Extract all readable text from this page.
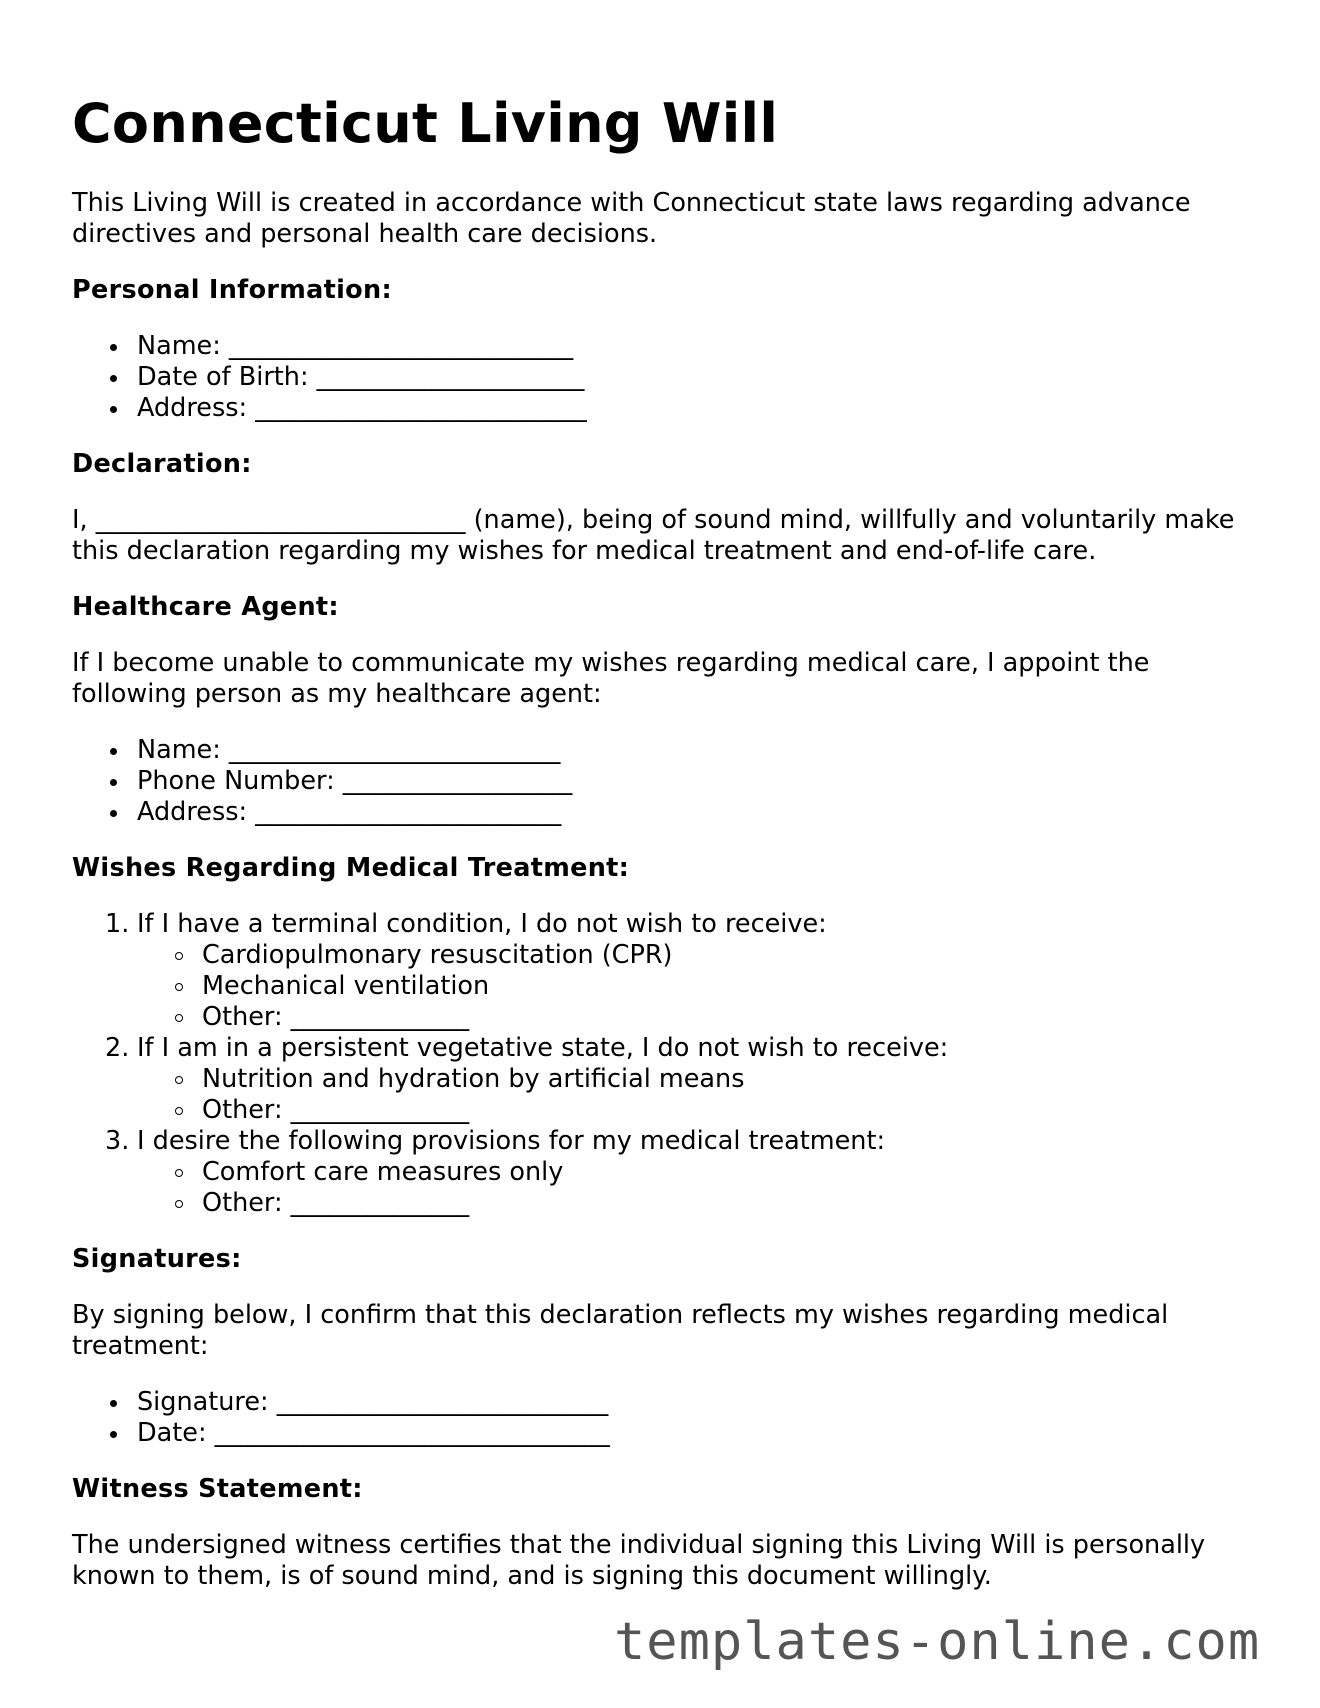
Connecticut Living Will

This Living Will is created in accordance with Connecticut state laws regarding advance directives and personal health care decisions.

Personal Information:
Name: ___________________________
Date of Birth: _____________________
Address: __________________________
Declaration:

I, _____________________________ (name), being of sound mind, willfully and voluntarily make this declaration regarding my wishes for medical treatment and end-of-life care.

Healthcare Agent:

If I become unable to communicate my wishes regarding medical care, I appoint the following person as my healthcare agent:

Name: __________________________
Phone Number: __________________
Address: ________________________
Wishes Regarding Medical Treatment:
1. If I have a terminal condition, I do not wish to receive:
Cardiopulmonary resuscitation (CPR)
Mechanical ventilation
Other: ______________
2. If I am in a persistent vegetative state, I do not wish to receive:
Nutrition and hydration by artificial means
Other: ______________
3. I desire the following provisions for my medical treatment:
Comfort care measures only
Other: ______________
Signatures:

By signing below, I confirm that this declaration reflects my wishes regarding medical treatment:

Signature: __________________________
Date: _______________________________
Witness Statement:

The undersigned witness certifies that the individual signing this Living Will is personally known to them, is of sound mind, and is signing this document willingly.

templates-online.com
